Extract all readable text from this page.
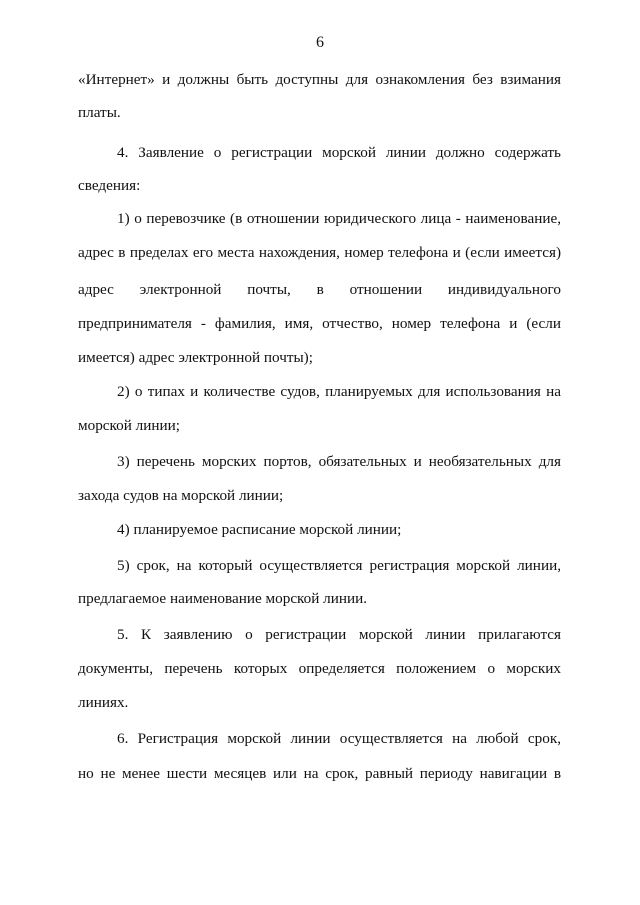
6
«Интернет» и должны быть доступны для ознакомления без взимания
платы.
4. Заявление о регистрации морской линии должно содержать
сведения:
1) о перевозчике (в отношении юридического лица - наименование,
адрес в пределах его места нахождения, номер телефона и (если имеется)
адрес электронной почты, в отношении индивидуального
предпринимателя - фамилия, имя, отчество, номер телефона и (если
имеется) адрес электронной почты);
2) о типах и количестве судов, планируемых для использования на
морской линии;
3) перечень морских портов, обязательных и необязательных для
захода судов на морской линии;
4) планируемое расписание морской линии;
5) срок, на который осуществляется регистрация морской линии,
предлагаемое наименование морской линии.
5. К заявлению о регистрации морской линии прилагаются
документы, перечень которых определяется положением о морских
линиях.
6. Регистрация морской линии осуществляется на любой срок,
но не менее шести месяцев или на срок, равный периоду навигации в
